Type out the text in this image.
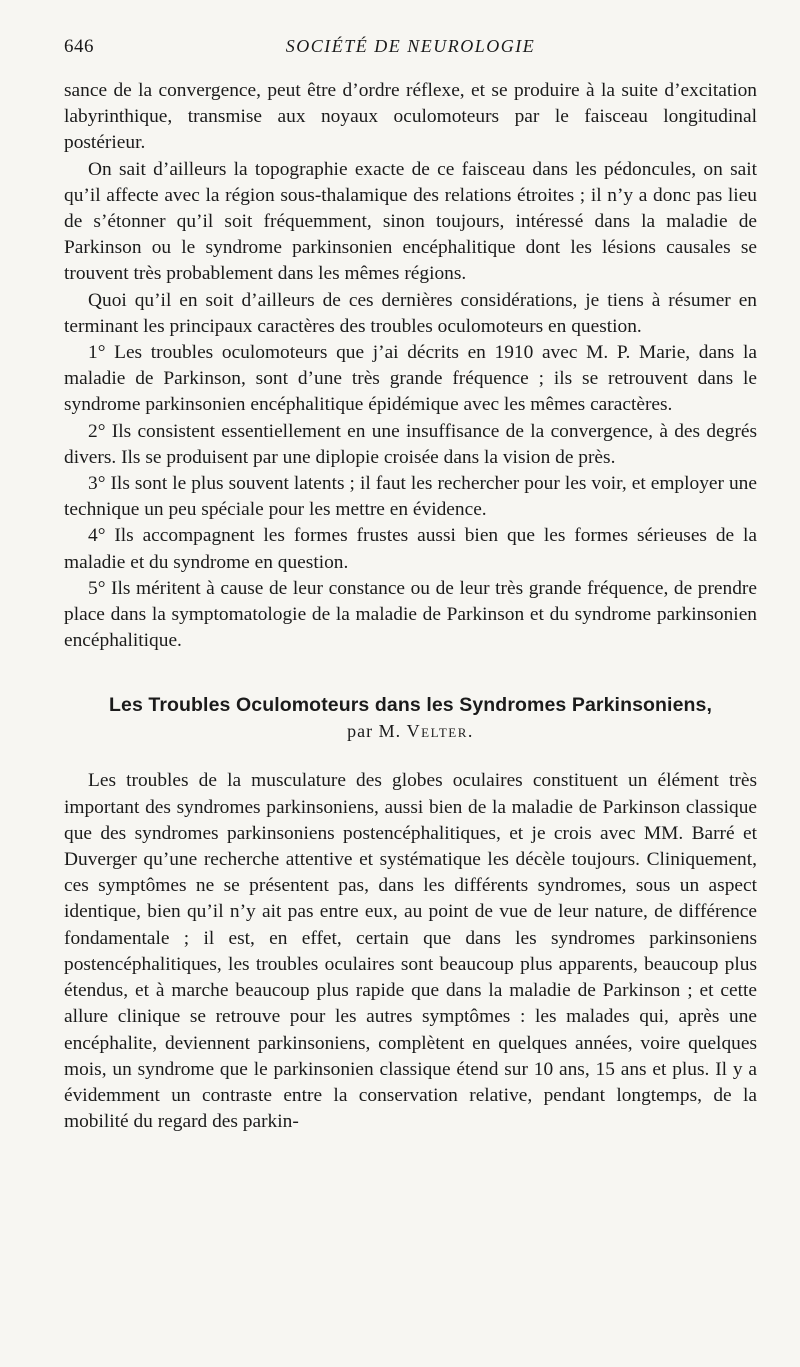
646	SOCIÉTÉ DE NEUROLOGIE

sance de la convergence, peut être d’ordre réflexe, et se produire à la suite d’excitation labyrinthique, transmise aux noyaux oculomoteurs par le faisceau longitudinal postérieur.

On sait d’ailleurs la topographie exacte de ce faisceau dans les pédoncules, on sait qu’il affecte avec la région sous-thalamique des relations étroites ; il n’y a donc pas lieu de s’étonner qu’il soit fréquemment, sinon toujours, intéressé dans la maladie de Parkinson ou le syndrome parkinsonien encéphalitique dont les lésions causales se trouvent très probablement dans les mêmes régions.

Quoi qu’il en soit d’ailleurs de ces dernières considérations, je tiens à résumer en terminant les principaux caractères des troubles oculomoteurs en question.

1° Les troubles oculomoteurs que j’ai décrits en 1910 avec M. P. Marie, dans la maladie de Parkinson, sont d’une très grande fréquence ; ils se retrouvent dans le syndrome parkinsonien encéphalitique épidémique avec les mêmes caractères.

2° Ils consistent essentiellement en une insuffisance de la convergence, à des degrés divers. Ils se produisent par une diplopie croisée dans la vision de près.

3° Ils sont le plus souvent latents ; il faut les rechercher pour les voir, et employer une technique un peu spéciale pour les mettre en évidence.

4° Ils accompagnent les formes frustes aussi bien que les formes sérieuses de la maladie et du syndrome en question.

5° Ils méritent à cause de leur constance ou de leur très grande fréquence, de prendre place dans la symptomatologie de la maladie de Parkinson et du syndrome parkinsonien encéphalitique.

Les Troubles Oculomoteurs dans les Syndromes Parkinsoniens,

par M. Velter.

Les troubles de la musculature des globes oculaires constituent un élément très important des syndromes parkinsoniens, aussi bien de la maladie de Parkinson classique que des syndromes parkinsoniens postencéphalitiques, et je crois avec MM. Barré et Duverger qu’une recherche attentive et systématique les décèle toujours. Cliniquement, ces symptômes ne se présentent pas, dans les différents syndromes, sous un aspect identique, bien qu’il n’y ait pas entre eux, au point de vue de leur nature, de différence fondamentale ; il est, en effet, certain que dans les syndromes parkinsoniens postencéphalitiques, les troubles oculaires sont beaucoup plus apparents, beaucoup plus étendus, et à marche beaucoup plus rapide que dans la maladie de Parkinson ; et cette allure clinique se retrouve pour les autres symptômes : les malades qui, après une encéphalite, deviennent parkinsoniens, complètent en quelques années, voire quelques mois, un syndrome que le parkinsonien classique étend sur 10 ans, 15 ans et plus. Il y a évidemment un contraste entre la conservation relative, pendant longtemps, de la mobilité du regard des parkin-
